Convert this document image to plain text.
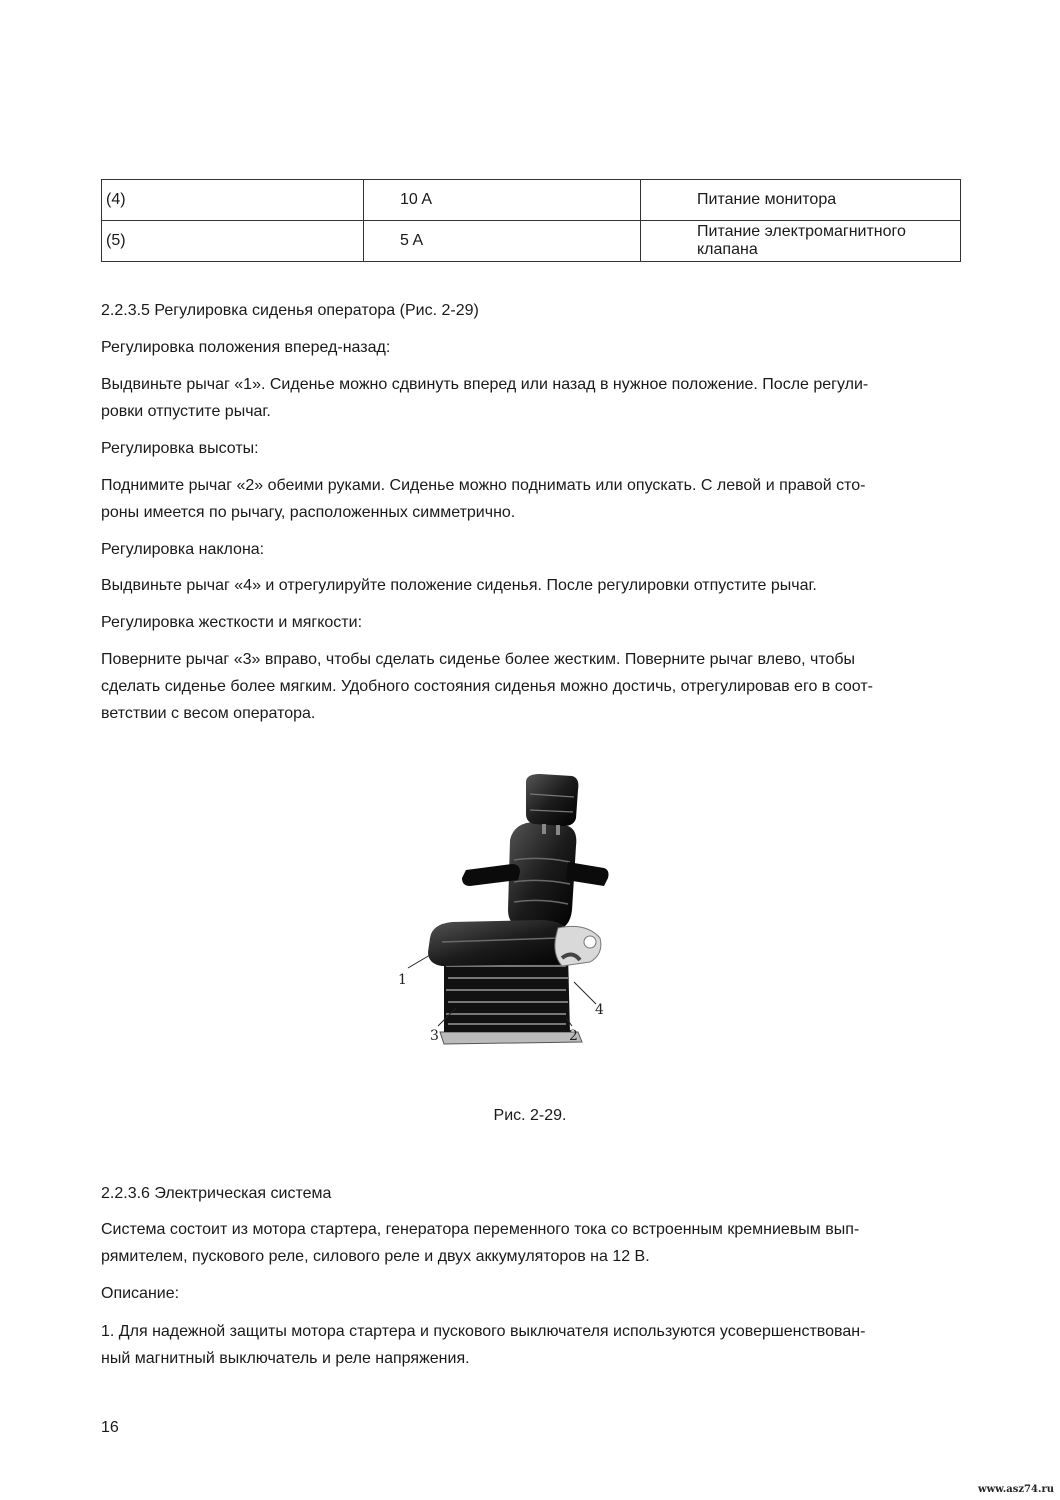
(4)	10 A	Питание монитора
(5)	5 A	Питание электромагнитного клапана

2.2.3.5 Регулировка сиденья оператора (Рис. 2-29)

Регулировка положения вперед-назад:

Выдвиньте рычаг «1». Сиденье можно сдвинуть вперед или назад в нужное положение. После регули-
ровки отпустите рычаг.

Регулировка высоты:

Поднимите рычаг «2» обеими руками. Сиденье можно поднимать или опускать. С левой и правой сто-
роны имеется по рычагу, расположенных симметрично.

Регулировка наклона:

Выдвиньте рычаг «4» и отрегулируйте положение сиденья. После регулировки отпустите рычаг.

Регулировка жесткости и мягкости:

Поверните рычаг «3» вправо, чтобы сделать сиденье более жестким. Поверните рычаг влево, чтобы
сделать сиденье более мягким. Удобного состояния сиденья можно достичь, отрегулировав его в соот-
ветствии с весом оператора.

1
3	2
4
Рис. 2-29.

2.2.3.6 Электрическая система

Система состоит из мотора стартера, генератора переменного тока со встроенным кремниевым вып-
рямителем, пускового реле, силового реле и двух аккумуляторов на 12 В.

Описание:

1. Для надежной защиты мотора стартера и пускового выключателя используются усовершенствован-
ный магнитный выключатель и реле напряжения.

16
www.asz74.ru
